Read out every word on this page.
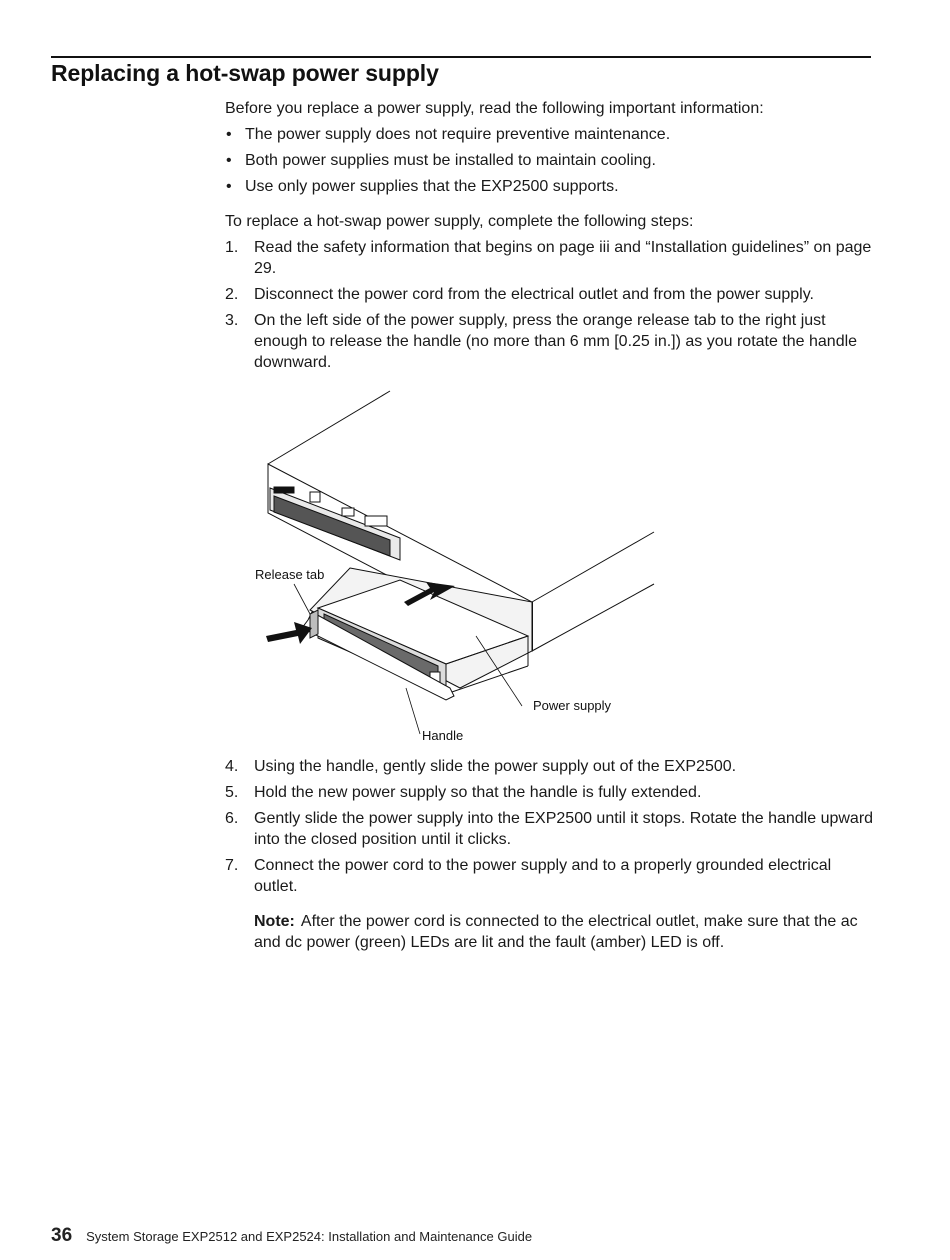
Replacing a hot-swap power supply

Before you replace a power supply, read the following important information:

• The power supply does not require preventive maintenance.
• Both power supplies must be installed to maintain cooling.
• Use only power supplies that the EXP2500 supports.

To replace a hot-swap power supply, complete the following steps:

1. Read the safety information that begins on page iii and “Installation guidelines” on page 29.
2. Disconnect the power cord from the electrical outlet and from the power supply.
3. On the left side of the power supply, press the orange release tab to the right just enough to release the handle (no more than 6 mm [0.25 in.]) as you rotate the handle downward.
Release tab
Power supply
Handle
4. Using the handle, gently slide the power supply out of the EXP2500.
5. Hold the new power supply so that the handle is fully extended.
6. Gently slide the power supply into the EXP2500 until it stops. Rotate the handle upward into the closed position until it clicks.
7. Connect the power cord to the power supply and to a properly grounded electrical outlet.

Note: After the power cord is connected to the electrical outlet, make sure that the ac and dc power (green) LEDs are lit and the fault (amber) LED is off.

36 System Storage EXP2512 and EXP2524: Installation and Maintenance Guide
